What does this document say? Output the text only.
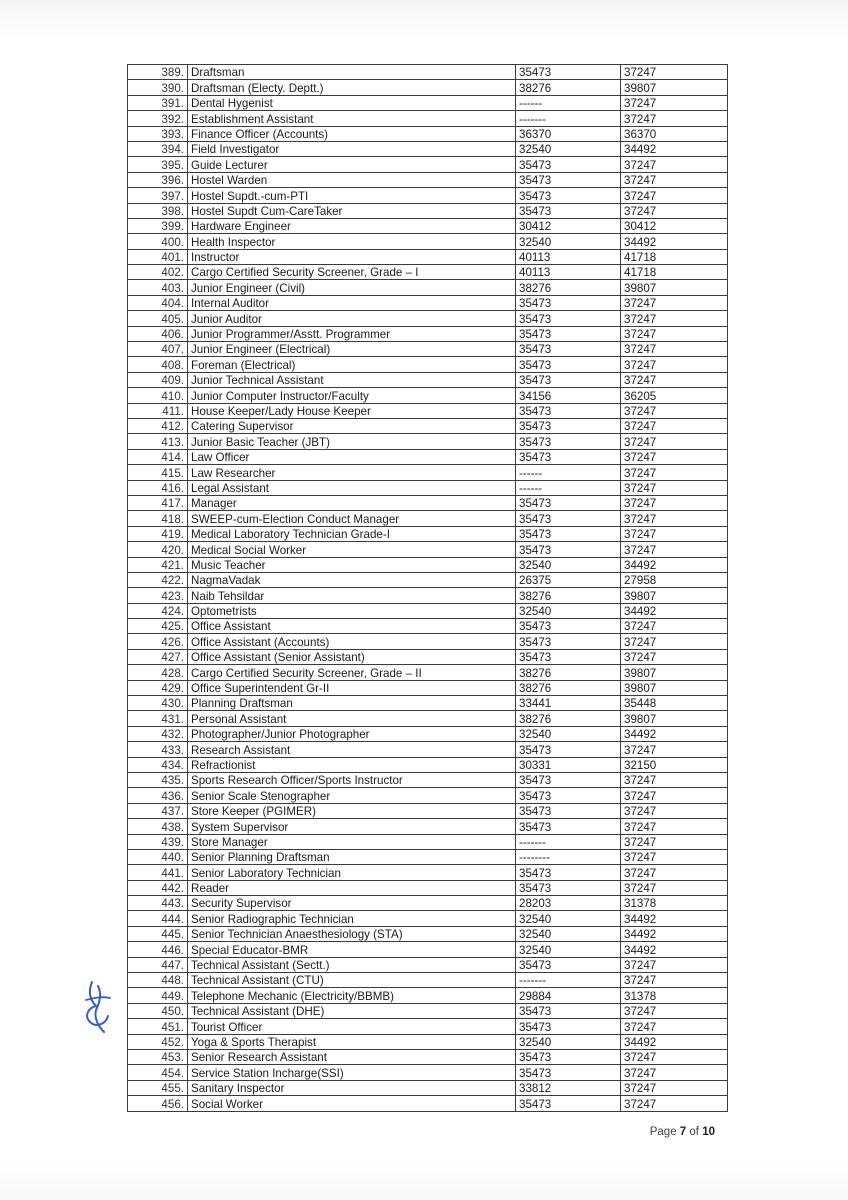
389.	Draftsman	35473	37247
390.	Draftsman (Electy. Deptt.)	38276	39807
391.	Dental Hygenist	------	37247
392.	Establishment Assistant	-------	37247
393.	Finance Officer (Accounts)	36370	36370
394.	Field Investigator	32540	34492
395.	Guide Lecturer	35473	37247
396.	Hostel Warden	35473	37247
397.	Hostel Supdt.-cum-PTI	35473	37247
398.	Hostel Supdt Cum-CareTaker	35473	37247
399.	Hardware Engineer	30412	30412
400.	Health Inspector	32540	34492
401.	Instructor	40113	41718
402.	Cargo Certified Security Screener, Grade – I	40113	41718
403.	Junior Engineer (Civil)	38276	39807
404.	Internal Auditor	35473	37247
405.	Junior Auditor	35473	37247
406.	Junior Programmer/Asstt. Programmer	35473	37247
407.	Junior Engineer (Electrical)	35473	37247
408.	Foreman (Electrical)	35473	37247
409.	Junior Technical Assistant	35473	37247
410.	Junior Computer Instructor/Faculty	34156	36205
411.	House Keeper/Lady House Keeper	35473	37247
412.	Catering Supervisor	35473	37247
413.	Junior Basic Teacher (JBT)	35473	37247
414.	Law Officer	35473	37247
415.	Law Researcher	------	37247
416.	Legal Assistant	------	37247
417.	Manager	35473	37247
418.	SWEEP-cum-Election Conduct Manager	35473	37247
419.	Medical Laboratory Technician Grade-I	35473	37247
420.	Medical Social Worker	35473	37247
421.	Music Teacher	32540	34492
422.	NagmaVadak	26375	27958
423.	Naib Tehsildar	38276	39807
424.	Optometrists	32540	34492
425.	Office Assistant	35473	37247
426.	Office Assistant (Accounts)	35473	37247
427.	Office Assistant (Senior Assistant)	35473	37247
428.	Cargo Certified Security Screener, Grade – II	38276	39807
429.	Office Superintendent Gr-II	38276	39807
430.	Planning Draftsman	33441	35448
431.	Personal Assistant	38276	39807
432.	Photographer/Junior Photographer	32540	34492
433.	Research Assistant	35473	37247
434.	Refractionist	30331	32150
435.	Sports Research Officer/Sports Instructor	35473	37247
436.	Senior Scale Stenographer	35473	37247
437.	Store Keeper (PGIMER)	35473	37247
438.	System Supervisor	35473	37247
439.	Store Manager	-------	37247
440.	Senior Planning Draftsman	--------	37247
441.	Senior Laboratory Technician	35473	37247
442.	Reader	35473	37247
443.	Security Supervisor	28203	31378
444.	Senior Radiographic Technician	32540	34492
445.	Senior Technician Anaesthesiology (STA)	32540	34492
446.	Special Educator-BMR	32540	34492
447.	Technical Assistant (Sectt.)	35473	37247
448.	Technical Assistant (CTU)	-------	37247
449.	Telephone Mechanic (Electricity/BBMB)	29884	31378
450.	Technical Assistant (DHE)	35473	37247
451.	Tourist Officer	35473	37247
452.	Yoga & Sports Therapist	32540	34492
453.	Senior Research Assistant	35473	37247
454.	Service Station Incharge(SSI)	35473	37247
455.	Sanitary Inspector	33812	37247
456.	Social Worker	35473	37247
Page 7 of 10
